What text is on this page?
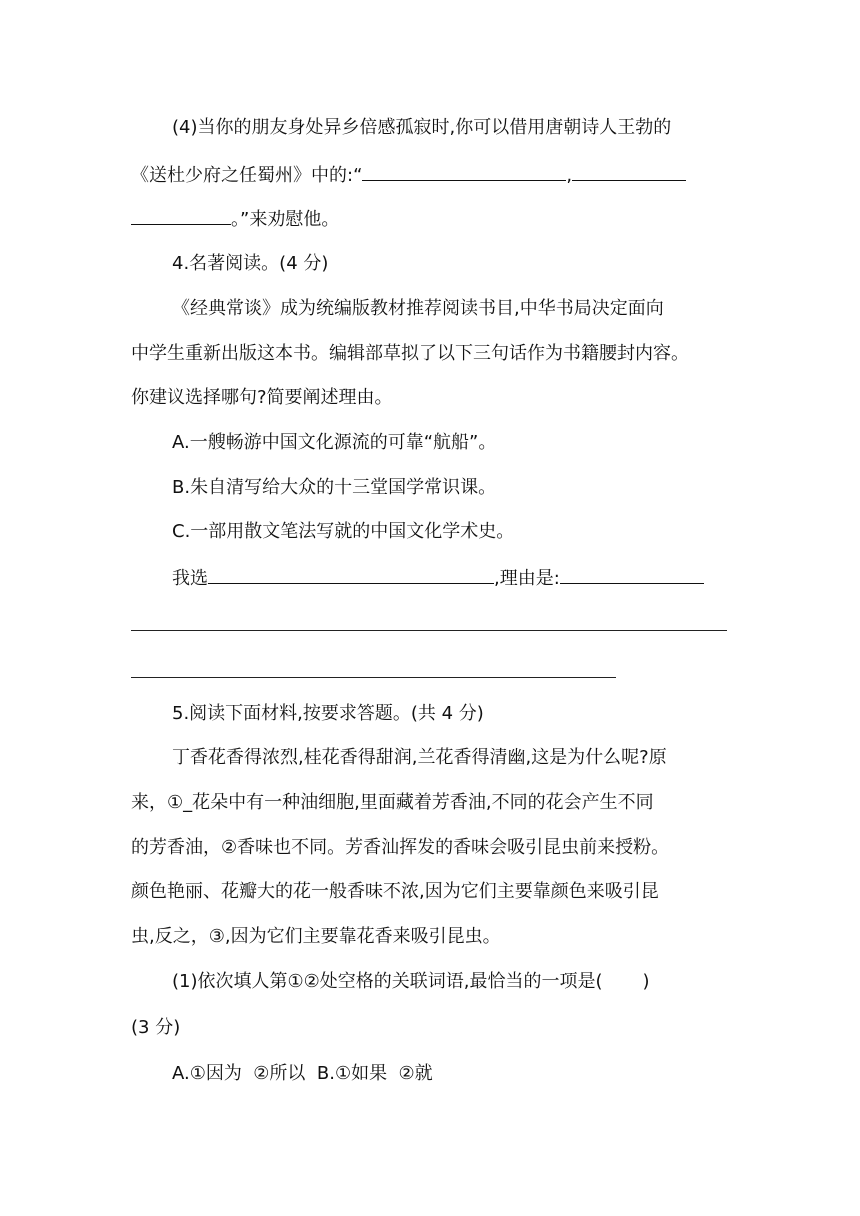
(4)当你的朋友身处异乡倍感孤寂时,你可以借用唐朝诗人王勃的
《送杜少府之任蜀州》中的:“	,
。”来劝慰他。
4.名著阅读。(4 分)
《经典常谈》成为统编版教材推荐阅读书目,中华书局决定面向
中学生重新出版这本书。编辑部草拟了以下三句话作为书籍腰封内容。
你建议选择哪句?简要阐述理由。
A.一艘畅游中国文化源流的可靠“航船”。
B.朱自清写给大众的十三堂国学常识课。
C.一部用散文笔法写就的中国文化学术史。
我选	,理由是:
5.阅读下面材料,按要求答题。(共 4 分)
丁香花香得浓烈,桂花香得甜润,兰花香得清幽,这是为什么呢?原
来，①_花朵中有一种油细胞,里面藏着芳香油,不同的花会产生不同
的芳香油，②香味也不同。芳香汕挥发的香味会吸引昆虫前来授粉。
颜色艳丽、花瓣大的花一般香味不浓,因为它们主要靠颜色来吸引昆
虫,反之，③,因为它们主要靠花香来吸引昆虫。
(1)依次填人第①②处空格的关联词语,最恰当的一项是( )
(3 分)
A.①因为  ②所以  B.①如果  ②就
